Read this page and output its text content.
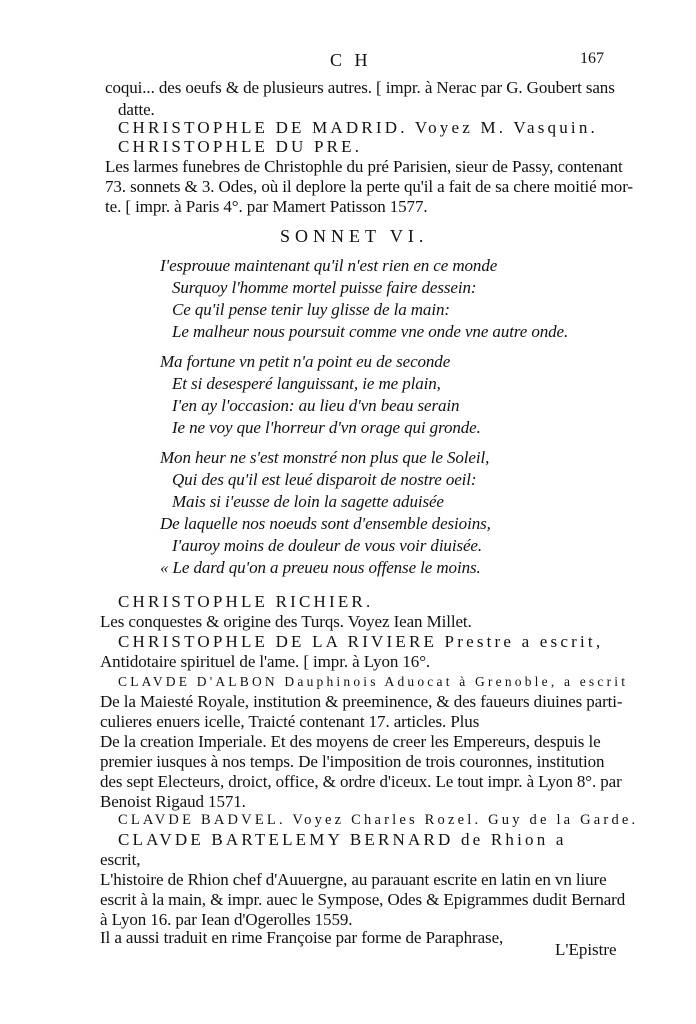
C H	167
coqui... des oeufs & de plusieurs autres. [ impr. à Nerac par G. Goubert sans
datte.
CHRISTOPHLE DE MADRID. Voyez M. Vasquin.
CHRISTOPHLE DU PRE.
Les larmes funebres de Christophle du pré Parisien, sieur de Passy, contenant
73. sonnets & 3. Odes, où il deplore la perte qu'il a fait de sa chere moitié mor-
te. [ impr. à Paris 4°. par Mamert Patisson 1577.
SONNET VI.
I'esprouue maintenant qu'il n'est rien en ce monde
Surquoy l'homme mortel puisse faire dessein:
Ce qu'il pense tenir luy glisse de la main:
Le malheur nous poursuit comme vne onde vne autre onde.
Ma fortune vn petit n'a point eu de seconde
Et si desesperé languissant, ie me plain,
I'en ay l'occasion: au lieu d'vn beau serain
Ie ne voy que l'horreur d'vn orage qui gronde.
Mon heur ne s'est monstré non plus que le Soleil,
Qui des qu'il est leué disparoit de nostre oeil:
Mais si i'eusse de loin la sagette aduisée
De laquelle nos noeuds sont d'ensemble desioins,
I'auroy moins de douleur de vous voir diuisée.
« Le dard qu'on a preueu nous offense le moins.
CHRISTOPHLE RICHIER.
Les conquestes & origine des Turqs. Voyez Iean Millet.
CHRISTOPHLE DE LA RIVIERE Prestre a escrit,
Antidotaire spirituel de l'ame. [ impr. à Lyon 16°.
CLAVDE D'ALBON Dauphinois Aduocat à Grenoble, a escrit
De la Maiesté Royale, institution & preeminence, & des faueurs diuines parti-
culieres enuers icelle, Traicté contenant 17. articles. Plus
De la creation Imperiale. Et des moyens de creer les Empereurs, despuis le
premier iusques à nos temps. De l'imposition de trois couronnes, institution
des sept Electeurs, droict, office, & ordre d'iceux. Le tout impr. à Lyon 8°. par
Benoist Rigaud 1571.
CLAVDE BADVEL. Voyez Charles Rozel. Guy de la Garde.
CLAVDE BARTELEMY BERNARD de Rhion a
escrit,
L'histoire de Rhion chef d'Auuergne, au parauant escrite en latin en vn liure
escrit à la main, & impr. auec le Sympose, Odes & Epigrammes dudit Bernard
à Lyon 16. par Iean d'Ogerolles 1559.
Il a aussi traduit en rime Françoise par forme de Paraphrase,
L'Epistre
